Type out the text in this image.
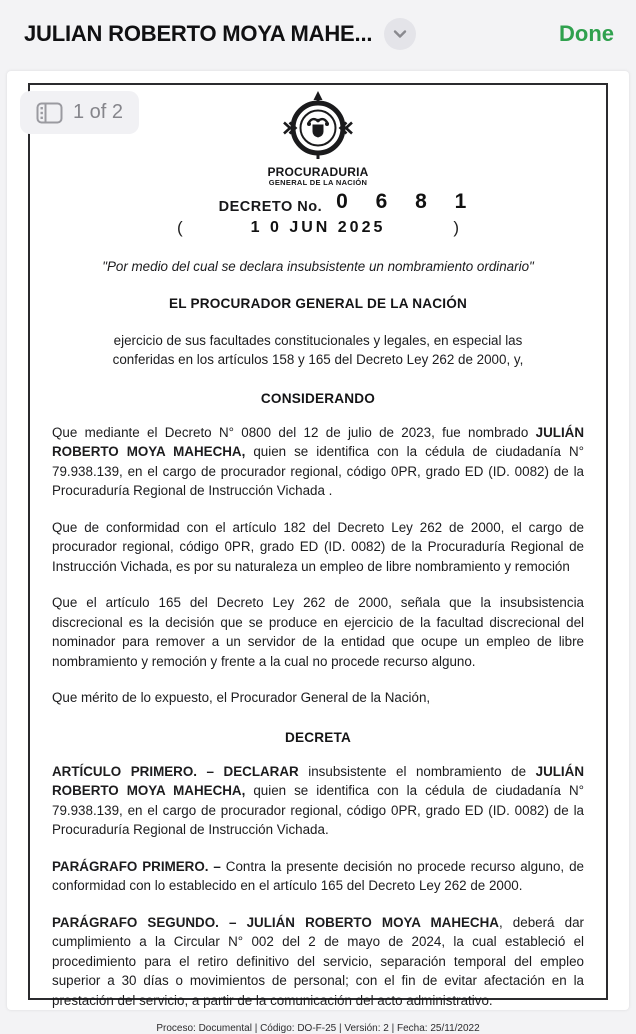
JULIAN ROBERTO MOYA MAHE...	Done
1 of 2
PROCURADURIA
GENERAL DE LA NACIÓN
DECRETO No. 0 6 8 1
(	1 0 JUN 2025	)

"Por medio del cual se declara insubsistente un nombramiento ordinario"

EL PROCURADOR GENERAL DE LA NACIÓN

ejercicio de sus facultades constitucionales y legales, en especial las conferidas en los artículos 158 y 165 del Decreto Ley 262 de 2000, y,

CONSIDERANDO

Que mediante el Decreto N° 0800 del 12 de julio de 2023, fue nombrado JULIÁN ROBERTO MOYA MAHECHA, quien se identifica con la cédula de ciudadanía N° 79.938.139, en el cargo de procurador regional, código 0PR, grado ED (ID. 0082) de la Procuraduría Regional de Instrucción Vichada .

Que de conformidad con el artículo 182 del Decreto Ley 262 de 2000, el cargo de procurador regional, código 0PR, grado ED (ID. 0082) de la Procuraduría Regional de Instrucción Vichada, es por su naturaleza un empleo de libre nombramiento y remoción

Que el artículo 165 del Decreto Ley 262 de 2000, señala que la insubsistencia discrecional es la decisión que se produce en ejercicio de la facultad discrecional del nominador para remover a un servidor de la entidad que ocupe un empleo de libre nombramiento y remoción y frente a la cual no procede recurso alguno.

Que mérito de lo expuesto, el Procurador General de la Nación,

DECRETA

ARTÍCULO PRIMERO. – DECLARAR insubsistente el nombramiento de JULIÁN ROBERTO MOYA MAHECHA, quien se identifica con la cédula de ciudadanía N° 79.938.139, en el cargo de procurador regional, código 0PR, grado ED (ID. 0082) de la Procuraduría Regional de Instrucción Vichada.

PARÁGRAFO PRIMERO. – Contra la presente decisión no procede recurso alguno, de conformidad con lo establecido en el artículo 165 del Decreto Ley 262 de 2000.

PARÁGRAFO SEGUNDO. – JULIÁN ROBERTO MOYA MAHECHA, deberá dar cumplimiento a la Circular N° 002 del 2 de mayo de 2024, la cual estableció el procedimiento para el retiro definitivo del servicio, separación temporal del empleo superior a 30 días o movimientos de personal; con el fin de evitar afectación en la prestación del servicio, a partir de la comunicación del acto administrativo.

Proceso: Documental | Código: DO-F-25 | Versión: 2 | Fecha: 25/11/2022
